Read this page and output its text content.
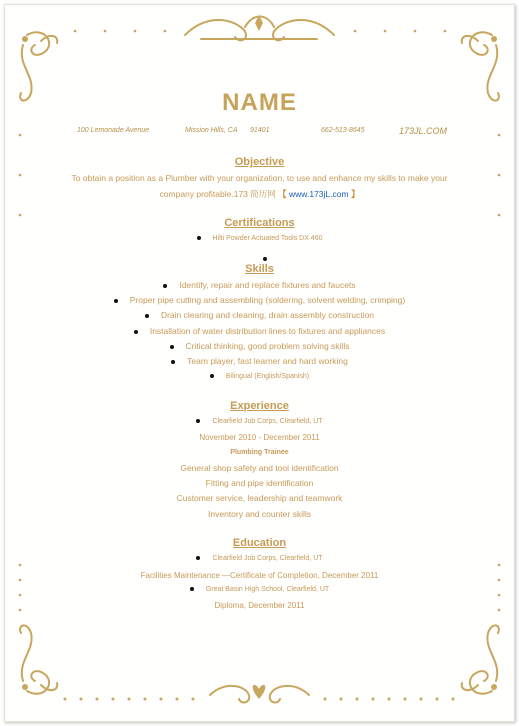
NAME
100 Lemonade Avenue	Mission Hills, CA 91401	662-513-8645	173JL.COM
Objective
To obtain a position as a Plumber with your organization, to use and enhance my skills to make your
company profitable.173 简历网 【 www.173jL.com 】
Certifications
Hilti Powder Actuated Tools DX 460
Skills
Identify, repair and replace fixtures and faucets
Proper pipe cutting and assembling (soldering, solvent welding, crimping)
Drain clearing and cleaning, drain assembly construction
Installation of water distribution lines to fixtures and appliances
Critical thinking, good problem solving skills
Team player, fast learner and hard working
Bilingual (English/Spanish)
Experience
Clearfield Job Corps, Clearfield, UT
November 2010 - December 2011
Plumbing Trainee
General shop safety and tool identification
Fitting and pipe identification
Customer service, leadership and teamwork
Inventory and counter skills
Education
Clearfield Job Corps, Clearfield, UT
Facilities Maintenance —Certificate of Completion, December 2011
Great Basin High School, Clearfield, UT
Diploma, December 2011
